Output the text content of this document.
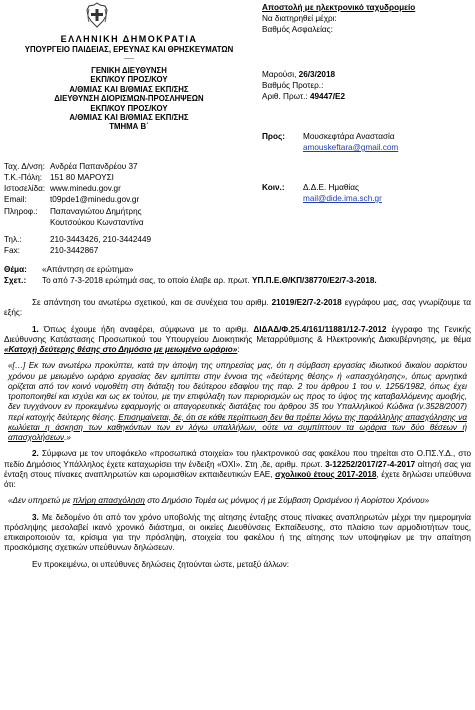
ΕΛΛΗΝΙΚΗ ΔΗΜΟΚΡΑΤΙΑ
ΥΠΟΥΡΓΕΙΟ ΠΑΙΔΕΙΑΣ, ΕΡΕΥΝΑΣ ΚΑΙ ΘΡΗΣΚΕΥΜΑΤΩΝ
-----
ΓΕΝΙΚΗ ΔΙΕΥΘΥΝΣΗ
ΕΚΠ/ΚΟΥ ΠΡΟΣ/ΚΟΥ
Α/ΘΜΙΑΣ ΚΑΙ Β/ΘΜΙΑΣ ΕΚΠ/ΣΗΣ
ΔΙΕΥΘΥΝΣΗ ΔΙΟΡΙΣΜΩΝ-ΠΡΟΣΛΗΨΕΩΝ
ΕΚΠ/ΚΟΥ ΠΡΟΣ/ΚΟΥ
Α/ΘΜΙΑΣ ΚΑΙ Β/ΘΜΙΑΣ ΕΚΠ/ΣΗΣ
ΤΜΗΜΑ Β΄
Ταχ. Δ/νση: Ανδρέα Παπανδρέου 37
Τ.Κ.-Πόλη: 151 80 ΜΑΡΟΥΣΙ
Ιστοσελίδα: www.minedu.gov.gr
Email:	t09pde1@minedu.gov.gr
Πληροφ.: Παπαναγιώτου Δημήτρης
Κουτσούκου Κωνσταντίνα
Τηλ.:	210-3443426, 210-3442449
Fax:	210-3442867
Αποστολή με ηλεκτρονικό ταχυδρομείο
Να διατηρηθεί μέχρι:
Βαθμός Ασφαλείας:
Μαρούσι, 26/3/2018
Βαθμός Προτερ.:
Αριθ. Πρωτ.: 49447/Ε2
Προς: Μουσκεφτάρα Αναστασία
amouskeftara@gmail.com
Κοιν.: Δ.Δ.Ε. Ημαθίας
mail@dide.ima.sch.gr
Θέμα: «Απάντηση σε ερώτημα»
Σχετ.: Το από 7-3-2018 ερώτημά σας, το οποίο έλαβε αρ. πρωτ. ΥΠ.Π.Ε.Θ/ΚΠ/38770/Ε2/7-3-2018.

Σε απάντηση του ανωτέρω σχετικού, και σε συνέχεια του αριθμ. 21019/Ε2/7-2-2018 εγγράφου μας, σας γνωρίζουμε τα εξής:

1. Όπως έχουμε ήδη αναφέρει, σύμφωνα με το αριθμ. ΔΙΔΑΔ/Φ.25.4/161/11881/12-7-2012 έγγραφο της Γενικής Διεύθυνσης Κατάστασης Προσωπικού του Υπουργείου Διοικητικής Μεταρρύθμισης & Ηλεκτρονικής Διακυβέρνησης, με θέμα «Κατοχή δεύτερης θέσης στο Δημόσιο με μειωμένο ωράριο»:

«[…] Εκ των ανωτέρω προκύπτει, κατά την άποψη της υπηρεσίας μας, ότι η σύμβαση εργασίας ιδιωτικού δικαίου αορίστου χρόνου με μειωμένο ωράριο εργασίας δεν εμπίπτει στην έννοια της «δεύτερης θέσης» ή «απασχόλησης», όπως αρνητικά ορίζεται από τον κοινό νομοθέτη στη διάταξη του δεύτερου εδαφίου της παρ. 2 του άρθρου 1 του ν. 1256/1982, όπως έχει τροποποιηθεί και ισχύει και ως εκ τούτου, με την επιφύλαξη των περιορισμών ως προς το ύψος της καταβαλλόμενης αμοιβής, δεν τυγχάνουν εν προκειμένω εφαρμογής οι απαγορευτικές διατάξεις του άρθρου 35 του Υπαλληλικού Κώδικα (ν.3528/2007) περί κατοχής δεύτερης θέσης. Επισημαίνεται, δε, ότι σε κάθε περίπτωση δεν θα πρέπει λόγω της παράλληλης απασχόλησης να κωλύεται η άσκηση των καθηκόντων των εν λόγω υπαλλήλων, ούτε να συμπίπτουν τα ωράρια των δύο θέσεων ή απασχολήσεων.»

2. Σύμφωνα με τον υποφάκελο «προσωπικά στοιχεία» του ηλεκτρονικού σας φακέλου που τηρείται στο Ο.ΠΣ.Υ.Δ., στο πεδίο Δημόσιος Υπάλληλος έχετε καταχωρίσει την ένδειξη «ΌΧΙ». Στη ,δε, αριθμ. πρωτ. 3-12252/2017/27-4-2017 αίτησή σας για ένταξη στους πίνακες αναπληρωτών και ωρομισθίων εκπαιδευτικών ΕΑΕ, σχολικού έτους 2017-2018, έχετε δηλώσει υπεύθυνα ότι:

«Δεν υπηρετώ με πλήρη απασχόληση στο Δημόσιο Τομέα ως μόνιμος ή με Σύμβαση Ορισμένου ή Αορίστου Χρόνου»

3. Με δεδομένο ότι από τον χρόνο υποβολής της αίτησης ένταξης στους πίνακες αναπληρωτών μέχρι την ημερομηνία πρόσληψης μεσολαβεί ικανό χρονικό διάστημα, οι οικείες Διευθύνσεις Εκπαίδευσης, στο πλαίσιο των αρμοδιοτήτων τους, επικαιροποιούν τα, κρίσιμα για την πρόσληψη, στοιχεία του φακέλου ή της αίτησης των υποψηφίων με την απαίτηση προσκόμισης σχετικών υπεύθυνων δηλώσεων.

Εν προκειμένω, οι υπεύθυνες δηλώσεις ζητούνται ώστε, μεταξύ άλλων:
